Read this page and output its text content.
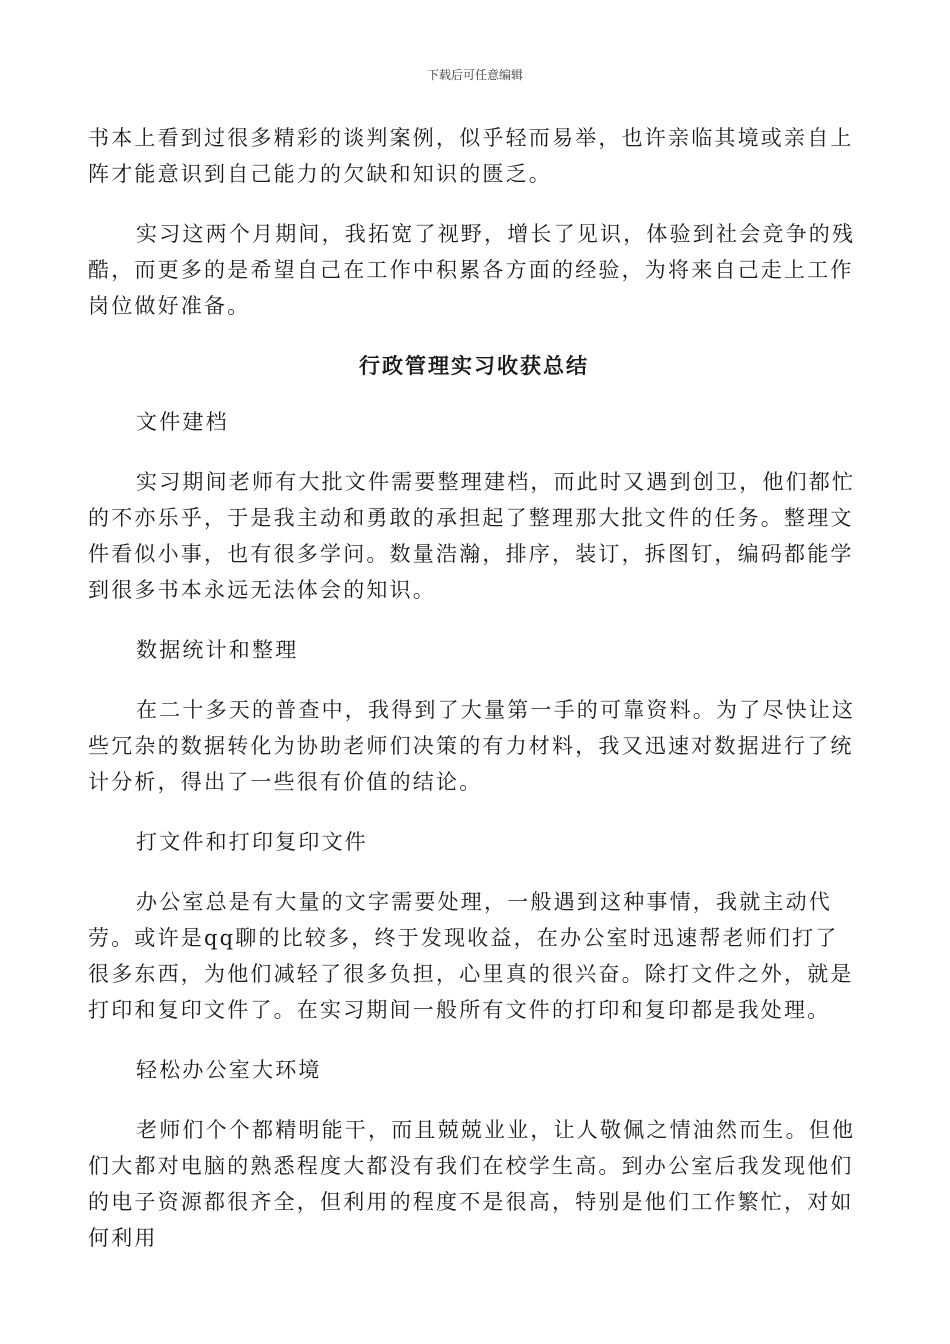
下载后可任意编辑

书本上看到过很多精彩的谈判案例，似乎轻而易举，也许亲临其境或亲自上阵才能意识到自己能力的欠缺和知识的匮乏。

实习这两个月期间，我拓宽了视野，增长了见识，体验到社会竞争的残酷，而更多的是希望自己在工作中积累各方面的经验，为将来自己走上工作岗位做好准备。

行政管理实习收获总结

文件建档

实习期间老师有大批文件需要整理建档，而此时又遇到创卫，他们都忙的不亦乐乎，于是我主动和勇敢的承担起了整理那大批文件的任务。整理文件看似小事，也有很多学问。数量浩瀚，排序，装订，拆图钉，编码都能学到很多书本永远无法体会的知识。

数据统计和整理

在二十多天的普查中，我得到了大量第一手的可靠资料。为了尽快让这些冗杂的数据转化为协助老师们决策的有力材料，我又迅速对数据进行了统计分析，得出了一些很有价值的结论。

打文件和打印复印文件

办公室总是有大量的文字需要处理，一般遇到这种事情，我就主动代劳。或许是qq聊的比较多，终于发现收益，在办公室时迅速帮老师们打了很多东西，为他们减轻了很多负担，心里真的很兴奋。除打文件之外，就是打印和复印文件了。在实习期间一般所有文件的打印和复印都是我处理。

轻松办公室大环境

老师们个个都精明能干，而且兢兢业业，让人敬佩之情油然而生。但他们大都对电脑的熟悉程度大都没有我们在校学生高。到办公室后我发现他们的电子资源都很齐全，但利用的程度不是很高，特别是他们工作繁忙，对如何利用
